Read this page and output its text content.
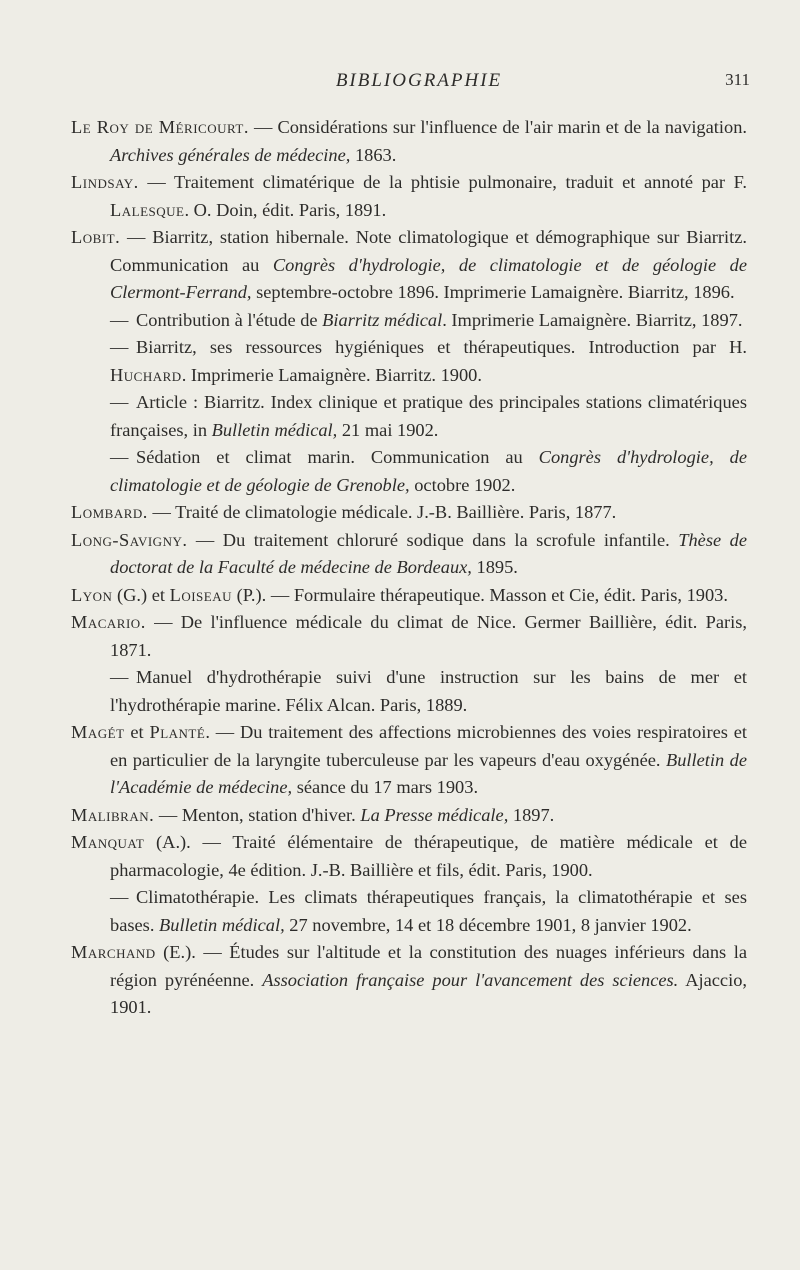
BIBLIOGRAPHIE	311

Le Roy de Méricourt. — Considérations sur l'influence de l'air marin et de la navigation. Archives générales de médecine, 1863.

Lindsay. — Traitement climatérique de la phtisie pulmonaire, traduit et annoté par F. Lalesque. O. Doin, édit. Paris, 1891.

Lobit. — Biarritz, station hibernale. Note climatologique et démographique sur Biarritz. Communication au Congrès d'hydrologie, de climatologie et de géologie de Clermont-Ferrand, septembre-octobre 1896. Imprimerie Lamaignère. Biarritz, 1896.

— Contribution à l'étude de Biarritz médical. Imprimerie Lamaignère. Biarritz, 1897.

— Biarritz, ses ressources hygiéniques et thérapeutiques. Introduction par H. Huchard. Imprimerie Lamaignère. Biarritz. 1900.

— Article : Biarritz. Index clinique et pratique des principales stations climatériques françaises, in Bulletin médical, 21 mai 1902.

— Sédation et climat marin. Communication au Congrès d'hydrologie, de climatologie et de géologie de Grenoble, octobre 1902.

Lombard. — Traité de climatologie médicale. J.-B. Baillière. Paris, 1877.

Long-Savigny. — Du traitement chloruré sodique dans la scrofule infantile. Thèse de doctorat de la Faculté de médecine de Bordeaux, 1895.

Lyon (G.) et Loiseau (P.). — Formulaire thérapeutique. Masson et Cie, édit. Paris, 1903.

Macario. — De l'influence médicale du climat de Nice. Germer Baillière, édit. Paris, 1871.

— Manuel d'hydrothérapie suivi d'une instruction sur les bains de mer et l'hydrothérapie marine. Félix Alcan. Paris, 1889.

Magét et Planté. — Du traitement des affections microbiennes des voies respiratoires et en particulier de la laryngite tuberculeuse par les vapeurs d'eau oxygénée. Bulletin de l'Académie de médecine, séance du 17 mars 1903.

Malibran. — Menton, station d'hiver. La Presse médicale, 1897.

Manquat (A.). — Traité élémentaire de thérapeutique, de matière médicale et de pharmacologie, 4e édition. J.-B. Baillière et fils, édit. Paris, 1900.

— Climatothérapie. Les climats thérapeutiques français, la climatothérapie et ses bases. Bulletin médical, 27 novembre, 14 et 18 décembre 1901, 8 janvier 1902.

Marchand (E.). — Études sur l'altitude et la constitution des nuages inférieurs dans la région pyrénéenne. Association française pour l'avancement des sciences. Ajaccio, 1901.
